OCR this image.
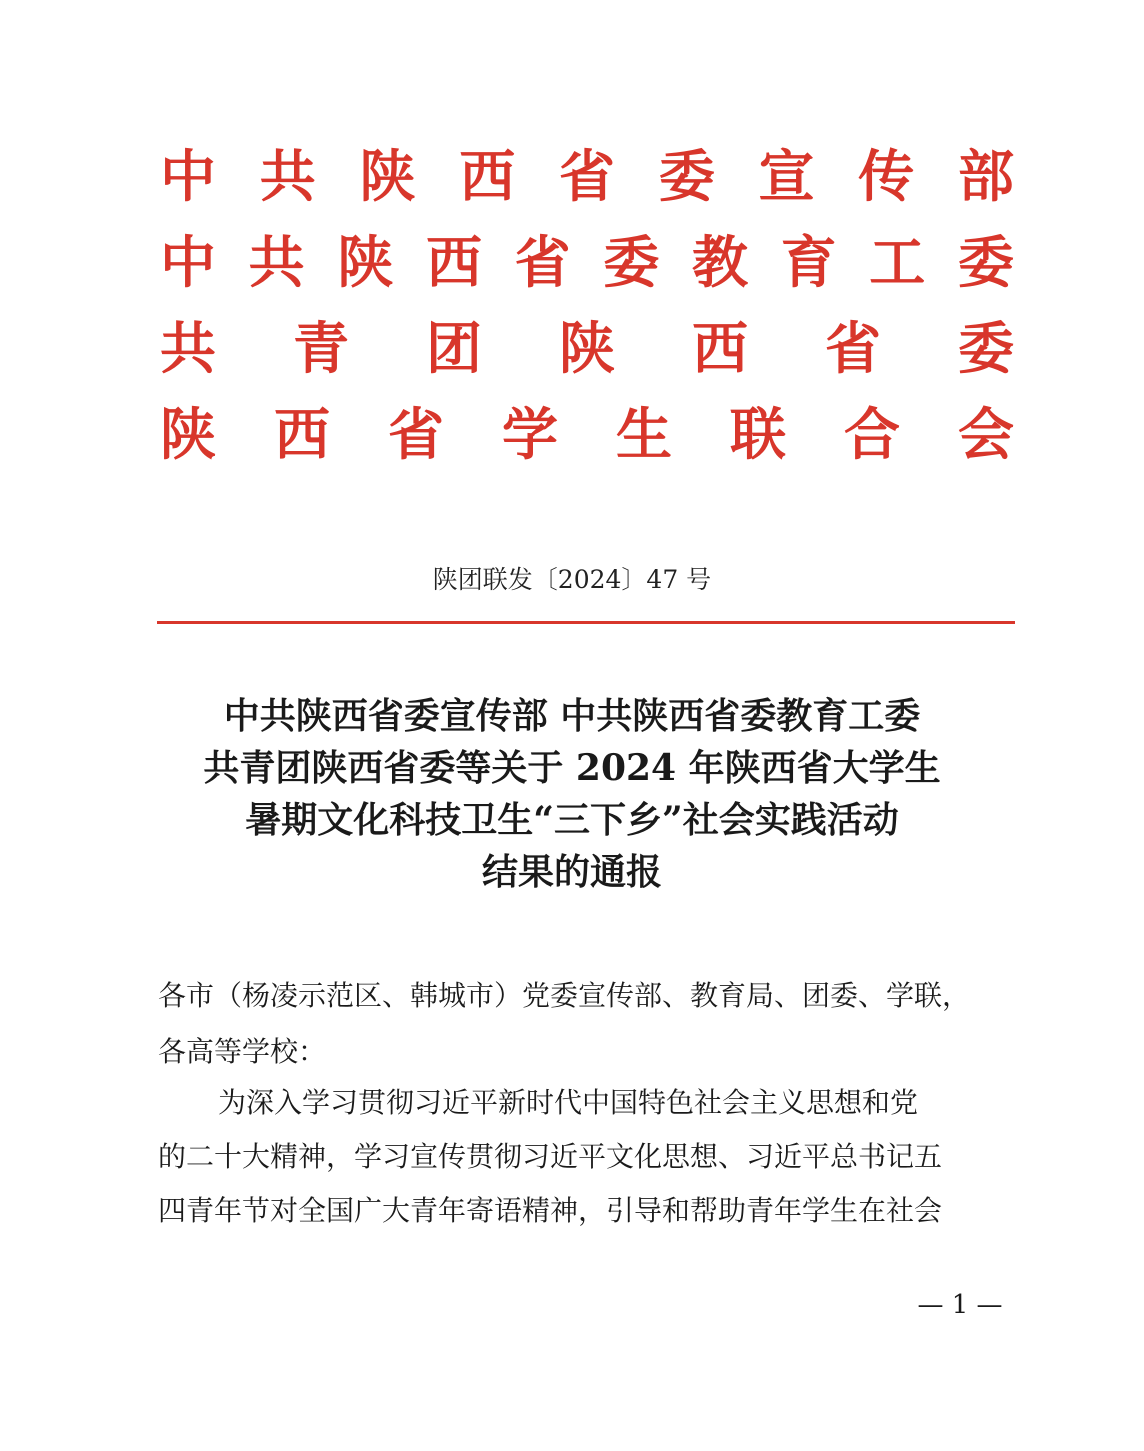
中 共 陕 西 省 委 宣 传 部
中 共 陕 西 省 委 教 育 工 委
共 青 团 陕 西 省 委
陕 西 省 学 生 联 合 会
陕团联发〔2024〕47 号
中共陕西省委宣传部 中共陕西省委教育工委
共青团陕西省委等关于 2024 年陕西省大学生
暑期文化科技卫生“三下乡”社会实践活动
结果的通报
各市（杨凌示范区、韩城市）党委宣传部、教育局、团委、学联，
各高等学校：
为深入学习贯彻习近平新时代中国特色社会主义思想和党
的二十大精神，学习宣传贯彻习近平文化思想、习近平总书记五
四青年节对全国广大青年寄语精神，引导和帮助青年学生在社会
— 1 —
